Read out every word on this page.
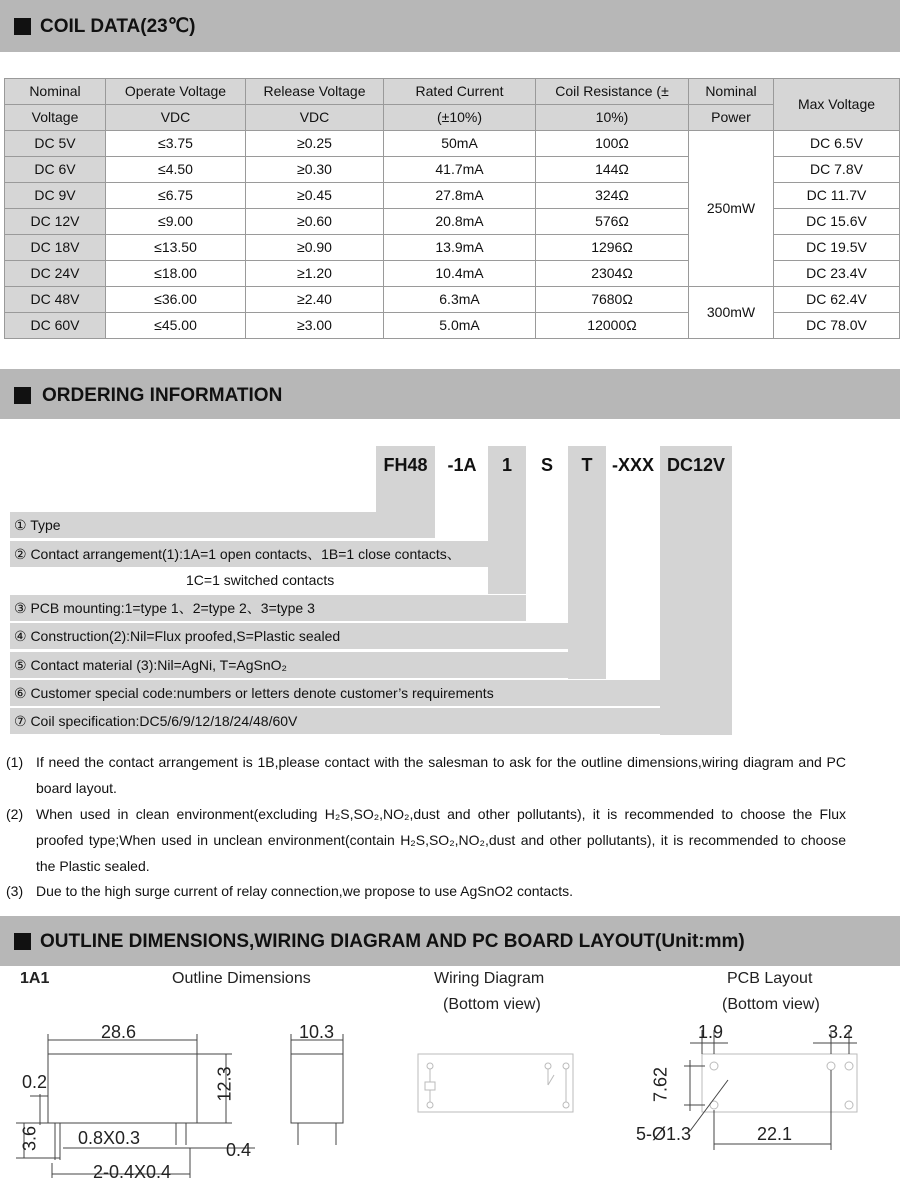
COIL DATA(23℃)
Nominal	Operate Voltage	Release Voltage	Rated Current	Coil Resistance (±	Nominal	Max Voltage
Voltage	VDC	VDC	(±10%)	10%)	Power	
DC 5V	≤3.75	≥0.25	50mA	100Ω	250mW	DC 6.5V
DC 6V	≤4.50	≥0.30	41.7mA	144Ω		DC 7.8V
DC 9V	≤6.75	≥0.45	27.8mA	324Ω		DC 11.7V
DC 12V	≤9.00	≥0.60	20.8mA	576Ω		DC 15.6V
DC 18V	≤13.50	≥0.90	13.9mA	1296Ω		DC 19.5V
DC 24V	≤18.00	≥1.20	10.4mA	2304Ω		DC 23.4V
DC 48V	≤36.00	≥2.40	6.3mA	7680Ω	300mW	DC 62.4V
DC 60V	≤45.00	≥3.00	5.0mA	12000Ω		DC 78.0V
ORDERING INFORMATION
FH48	-1A	1	S	T	-XXX DC12V
① Type
② Contact arrangement(1):1A=1 open contacts、1B=1 close contacts、
1C=1 switched contacts
③ PCB mounting:1=type 1、2=type 2、3=type 3
④ Construction(2):Nil=Flux proofed,S=Plastic sealed
⑤ Contact material (3):Nil=AgNi, T=AgSnO₂
⑥ Customer special code:numbers or letters denote customer’s requirements
⑦ Coil specification:DC5/6/9/12/18/24/48/60V
(1) If need the contact arrangement is 1B,please contact with the salesman to ask for the outline dimensions,wiring diagram and PC board layout.
(2) When used in clean environment(excluding H₂S,SO₂,NO₂,dust and other pollutants), it is recommended to choose the Flux proofed type;When used in unclean environment(contain H₂S,SO₂,NO₂,dust and other pollutants), it is recommended to choose the Plastic sealed.
(3) Due to the high surge current of relay connection,we propose to use AgSnO2 contacts.
OUTLINE DIMENSIONS,WIRING DIAGRAM AND PC BOARD LAYOUT(Unit:mm)
1A1	Outline Dimensions	Wiring Diagram
(Bottom view)
PCB Layout
(Bottom view)
28.6	10.3
0.2	12.3
3.6 0.8X0.3
0.4
2-0.4X0.4
1.9	3.2
7.62
5-Ø1.3	22.1
